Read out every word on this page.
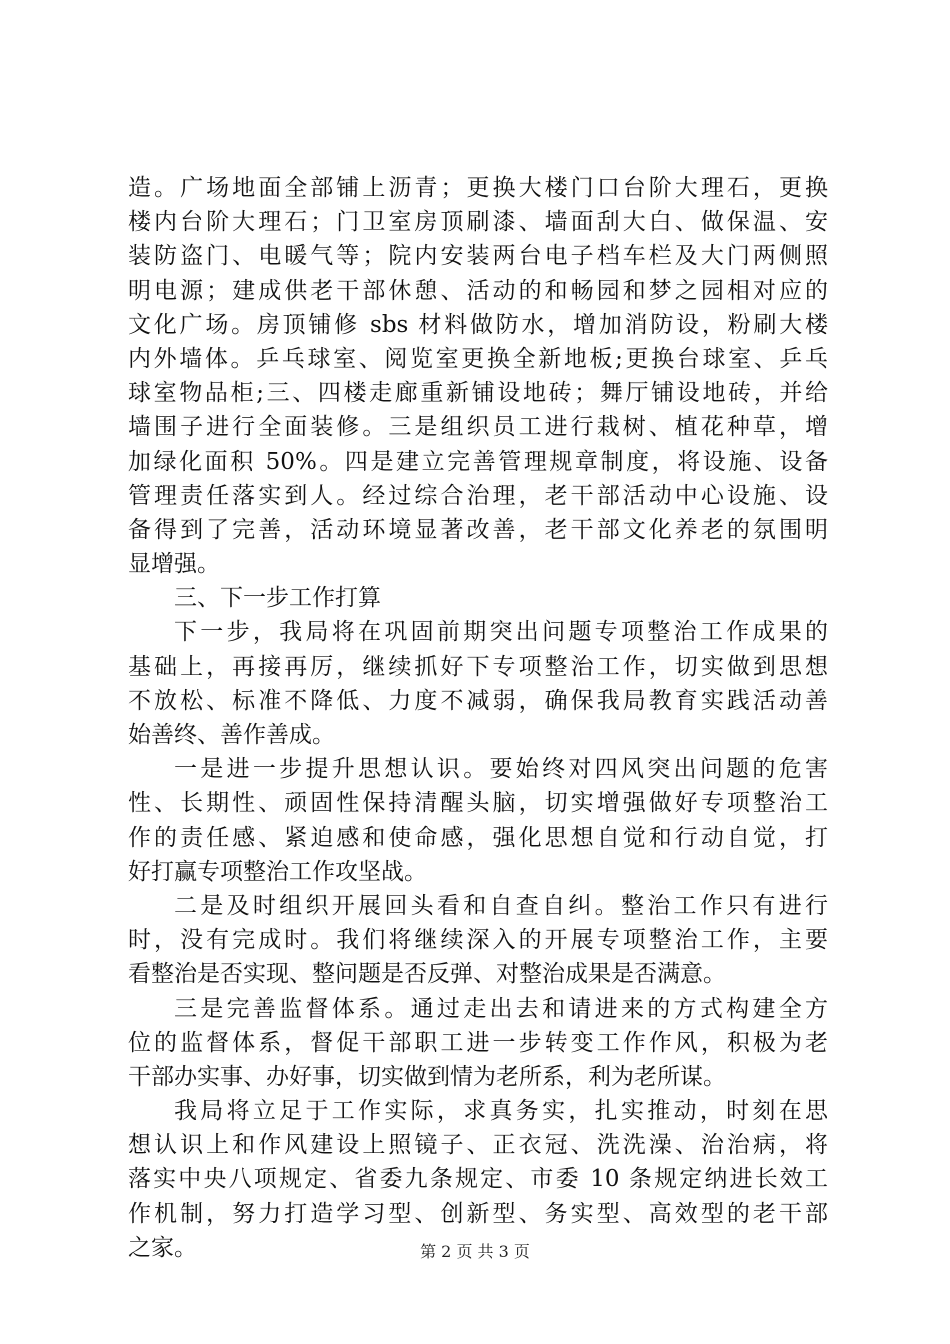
造。广场地面全部铺上沥青；更换大楼门口台阶大理石，更换
楼内台阶大理石；门卫室房顶刷漆、墙面刮大白、做保温、安
装防盗门、电暖气等；院内安装两台电子档车栏及大门两侧照
明电源；建成供老干部休憩、活动的和畅园和梦之园相对应的
文化广场。房顶铺修 sbs 材料做防水，增加消防设，粉刷大楼
内外墙体。乒乓球室、阅览室更换全新地板;更换台球室、乒乓
球室物品柜;三、四楼走廊重新铺设地砖；舞厅铺设地砖，并给
墙围子进行全面装修。三是组织员工进行栽树、植花种草，增
加绿化面积 50%。四是建立完善管理规章制度，将设施、设备
管理责任落实到人。经过综合治理，老干部活动中心设施、设
备得到了完善，活动环境显著改善，老干部文化养老的氛围明
显增强。
三、下一步工作打算
下一步，我局将在巩固前期突出问题专项整治工作成果的
基础上，再接再厉，继续抓好下专项整治工作，切实做到思想
不放松、标准不降低、力度不减弱，确保我局教育实践活动善
始善终、善作善成。
一是进一步提升思想认识。要始终对四风突出问题的危害
性、长期性、顽固性保持清醒头脑，切实增强做好专项整治工
作的责任感、紧迫感和使命感，强化思想自觉和行动自觉，打
好打赢专项整治工作攻坚战。
二是及时组织开展回头看和自查自纠。整治工作只有进行
时，没有完成时。我们将继续深入的开展专项整治工作，主要
看整治是否实现、整问题是否反弹、对整治成果是否满意。
三是完善监督体系。通过走出去和请进来的方式构建全方
位的监督体系，督促干部职工进一步转变工作作风，积极为老
干部办实事、办好事，切实做到情为老所系，利为老所谋。
我局将立足于工作实际，求真务实，扎实推动，时刻在思
想认识上和作风建设上照镜子、正衣冠、洗洗澡、治治病，将
落实中央八项规定、省委九条规定、市委 10 条规定纳进长效工
作机制，努力打造学习型、创新型、务实型、高效型的老干部
之家。	第 2 页 共 3 页
